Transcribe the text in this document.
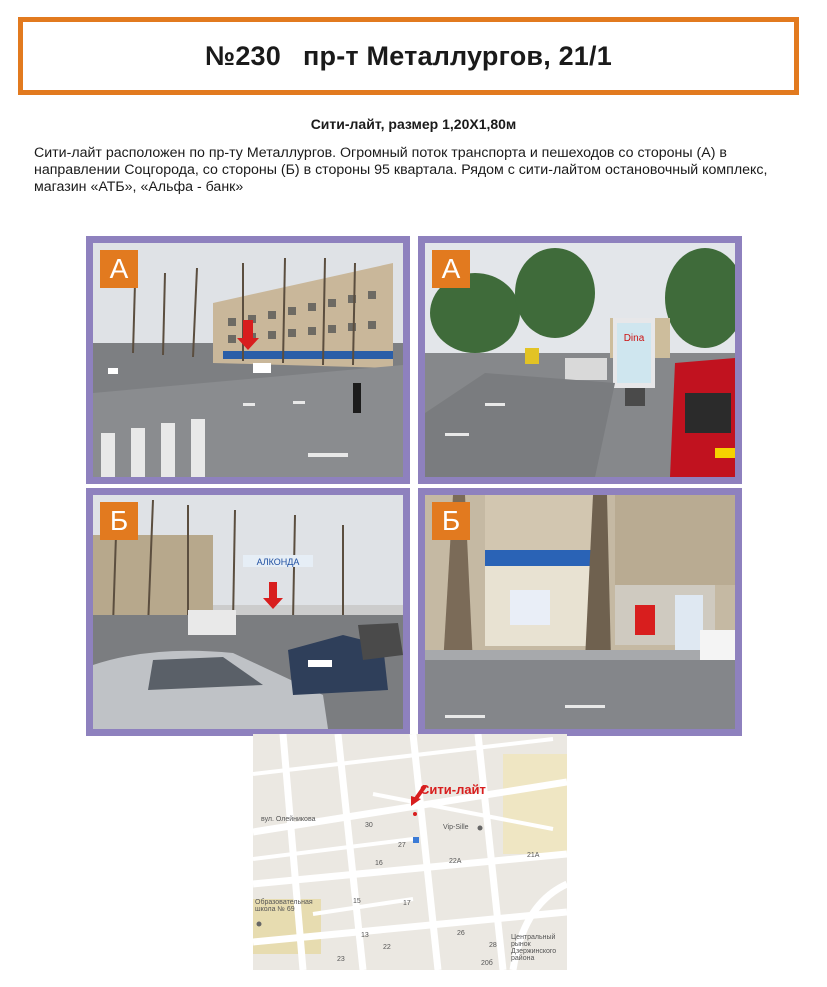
№230 пр-т Металлургов, 21/1
Сити-лайт, размер 1,20Х1,80м
Сити-лайт расположен по пр-ту Металлургов. Огромный поток транспорта и пешеходов со стороны (А) в направлении Соцгорода, со стороны (Б) в стороны 95 квартала. Рядом с сити-лайтом остановочный комплекс, магазин «АТБ», «Альфа - банк»
А
Dina
А
АЛКОНДА
Б	Б
Сити-лайт
вул. Олейникова
Образовательная школа № 69
Центральный рынок Дзержинского района
Vip-Sille
30
27
22А
16
15	17
13
22
26
28
21А
23
20б
